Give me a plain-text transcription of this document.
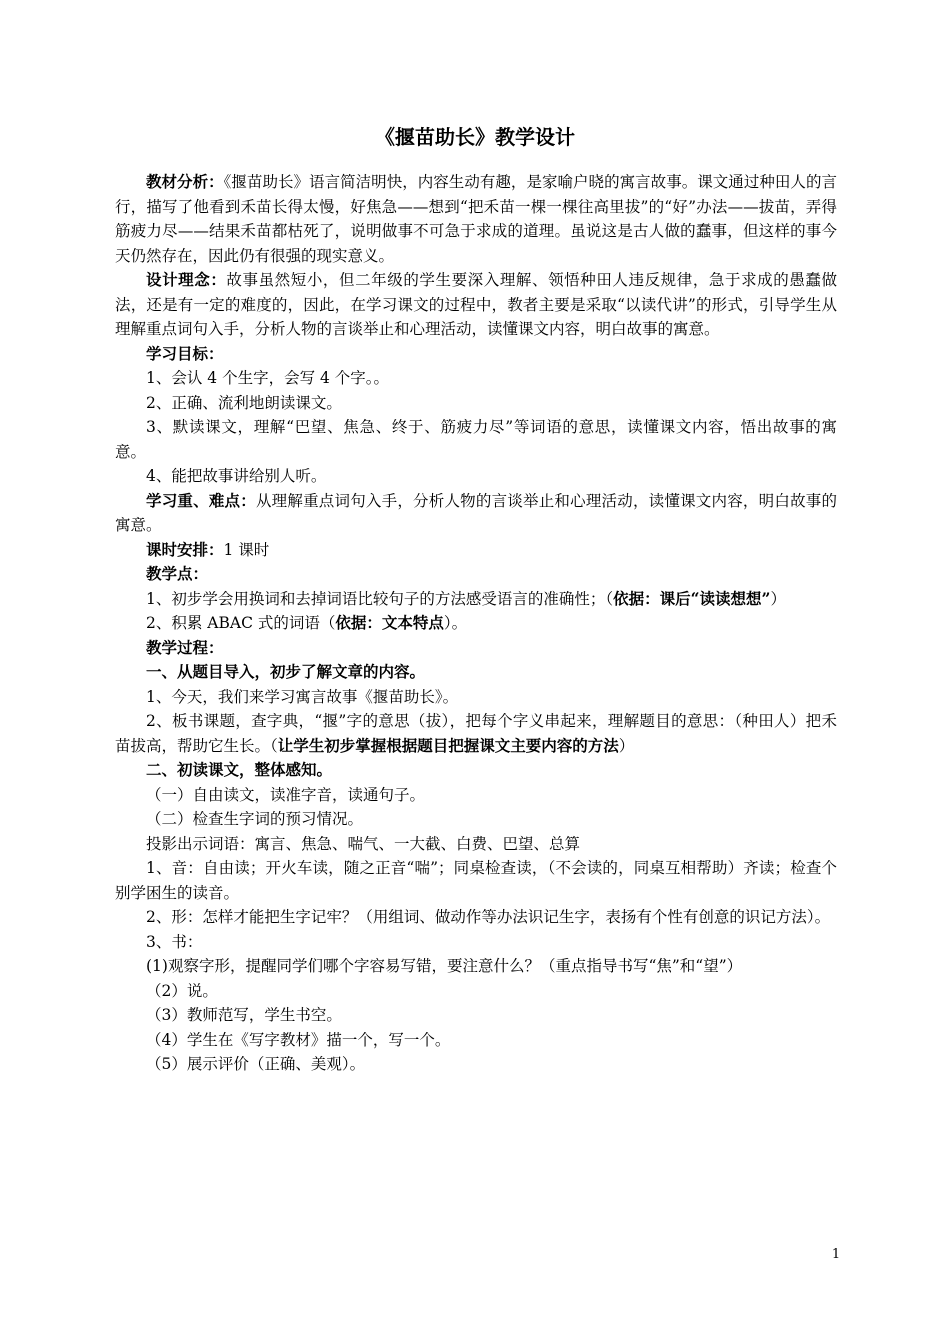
《揠苗助长》教学设计

教材分析：《揠苗助长》语言简洁明快，内容生动有趣，是家喻户晓的寓言故事。课文通过种田人的言行，描写了他看到禾苗长得太慢，好焦急——想到“把禾苗一棵一棵往高里拔”的“好”办法——拔苗，弄得筋疲力尽——结果禾苗都枯死了，说明做事不可急于求成的道理。虽说这是古人做的蠢事，但这样的事今天仍然存在，因此仍有很强的现实意义。

设计理念：故事虽然短小，但二年级的学生要深入理解、领悟种田人违反规律，急于求成的愚蠢做法，还是有一定的难度的，因此，在学习课文的过程中，教者主要是采取“以读代讲”的形式，引导学生从理解重点词句入手，分析人物的言谈举止和心理活动，读懂课文内容，明白故事的寓意。

学习目标：

1、会认 4 个生字，会写 4 个字。。

2、正确、流利地朗读课文。

3、默读课文，理解“巴望、焦急、终于、筋疲力尽”等词语的意思，读懂课文内容，悟出故事的寓意。

4、能把故事讲给别人听。

学习重、难点：从理解重点词句入手，分析人物的言谈举止和心理活动，读懂课文内容，明白故事的寓意。

课时安排：1 课时

教学点：

1、初步学会用换词和去掉词语比较句子的方法感受语言的准确性；（依据：课后“读读想想”）

2、积累 ABAC 式的词语（依据：文本特点）。

教学过程：

一、从题目导入，初步了解文章的内容。

1、今天，我们来学习寓言故事《揠苗助长》。

2、板书课题，查字典，“揠”字的意思（拔），把每个字义串起来，理解题目的意思：（种田人）把禾苗拔高，帮助它生长。（让学生初步掌握根据题目把握课文主要内容的方法）

二、初读课文，整体感知。

（一）自由读文，读准字音，读通句子。

（二）检查生字词的预习情况。

投影出示词语：寓言、焦急、喘气、一大截、白费、巴望、总算

1、音：自由读；开火车读，随之正音“喘”；同桌检查读，（不会读的，同桌互相帮助）齐读；检查个别学困生的读音。

2、形：怎样才能把生字记牢？（用组词、做动作等办法识记生字，表扬有个性有创意的识记方法）。

3、书：

(1)观察字形，提醒同学们哪个字容易写错，要注意什么？（重点指导书写“焦”和“望”）

（2）说。

（3）教师范写，学生书空。

（4）学生在《写字教材》描一个，写一个。

（5）展示评价（正确、美观）。

1
